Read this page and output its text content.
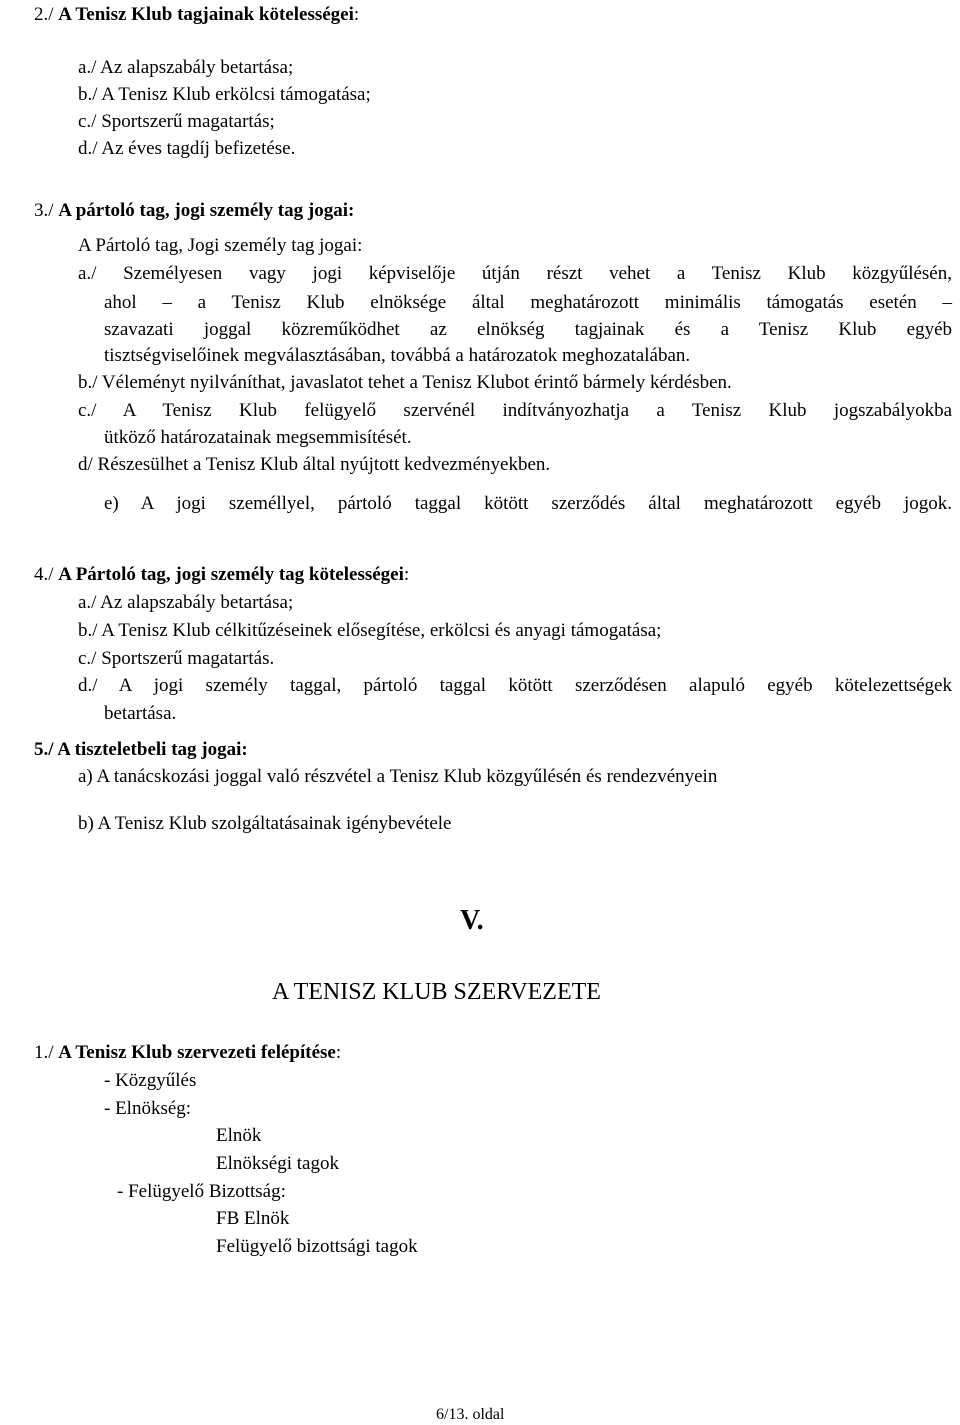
2./ A Tenisz Klub tagjainak kötelességei:
a./ Az alapszabály betartása;
b./ A Tenisz Klub erkölcsi támogatása;
c./ Sportszerű magatartás;
d./ Az éves tagdíj befizetése.
3./ A pártoló tag, jogi személy tag jogai:
A Pártoló tag, Jogi személy tag jogai:
a./ Személyesen vagy jogi képviselője útján részt vehet a Tenisz Klub közgyűlésén,
ahol – a Tenisz Klub elnöksége által meghatározott minimális támogatás esetén –
szavazati joggal közreműködhet az elnökség tagjainak és a Tenisz Klub egyéb
tisztségviselőinek megválasztásában, továbbá a határozatok meghozatalában.
b./ Véleményt nyilváníthat, javaslatot tehet a Tenisz Klubot érintő bármely kérdésben.
c./ A Tenisz Klub felügyelő szervénél indítványozhatja a Tenisz Klub jogszabályokba
ütköző határozatainak megsemmisítését.
d/ Részesülhet a Tenisz Klub által nyújtott kedvezményekben.
e) A jogi személlyel, pártoló taggal kötött szerződés által meghatározott egyéb jogok.
4./ A Pártoló tag, jogi személy tag kötelességei:
a./ Az alapszabály betartása;
b./ A Tenisz Klub célkitűzéseinek elősegítése, erkölcsi és anyagi támogatása;
c./ Sportszerű magatartás.
d./ A jogi személy taggal, pártoló taggal kötött szerződésen alapuló egyéb kötelezettségek
betartása.
5./ A tiszteletbeli tag jogai:
a) A tanácskozási joggal való részvétel a Tenisz Klub közgyűlésén és rendezvényein
b) A Tenisz Klub szolgáltatásainak igénybevétele
V.
A TENISZ KLUB SZERVEZETE
1./ A Tenisz Klub szervezeti felépítése:
- Közgyűlés
- Elnökség:
Elnök
Elnökségi tagok
- Felügyelő Bizottság:
FB Elnök
Felügyelő bizottsági tagok
6/13. oldal
